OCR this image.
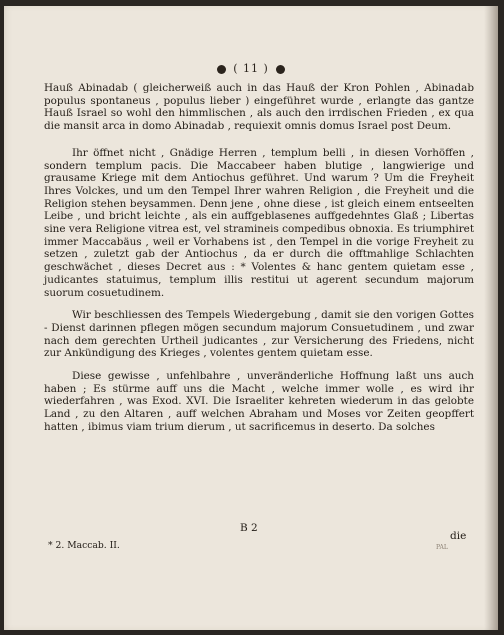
( 11 )

Hauß Abinadab ( gleicherweiß auch in das Hauß der Kron Pohlen , Abinadab populus spontaneus , populus lieber ) eingeführet wurde , erlangte das gantze Hauß Israel so wohl den himmlischen , als auch den irrdischen Frieden , ex qua die mansit arca in domo Abinadab , requiexit omnis domus Israel post Deum.

Ihr öffnet nicht , Gnädige Herren , templum belli , in diesen Vorhöffen , sondern templum pacis. Die Maccabeer haben blutige , langwierige und grausame Kriege mit dem Antiochus geführet. Und warum ? Um die Freyheit Ihres Volckes, und um den Tempel Ihrer wahren Religion , die Freyheit und die Religion stehen beysammen. Denn jene , ohne diese , ist gleich einem entseelten Leibe , und bricht leichte , als ein auffgeblasenes auffgedehntes Glaß ; Libertas sine vera Religione vitrea est, vel stramineis compedibus obnoxia. Es triumphiret immer Maccabäus , weil er Vorhabens ist , den Tempel in die vorige Freyheit zu setzen , zuletzt gab der Antiochus , da er durch die offtmahlige Schlachten geschwächet , dieses Decret aus : * Volentes & hanc gentem quietam esse , judicantes statuimus, templum illis restitui ut agerent secundum majorum suorum cosuetudinem.

Wir beschliessen des Tempels Wiedergebung , damit sie den vorigen Gottes - Dienst darinnen pflegen mögen secundum majorum Consuetudinem , und zwar nach dem gerechten Urtheil judicantes , zur Versicherung des Friedens, nicht zur Ankündigung des Krieges , volentes gentem quietam esse.

Diese gewisse , unfehlbahre , unveränderliche Hoffnung laßt uns auch haben ; Es stürme auff uns die Macht , welche immer wolle , es wird ihr wiederfahren , was Exod. XVI. Die Israeliter kehreten wiederum in das gelobte Land , zu den Altaren , auff welchen Abraham und Moses vor Zeiten geopffert hatten , ibimus viam trium dierum , ut sacrificemus in deserto. Da solches

B 2
die
* 2. Maccab. II.	PAL
